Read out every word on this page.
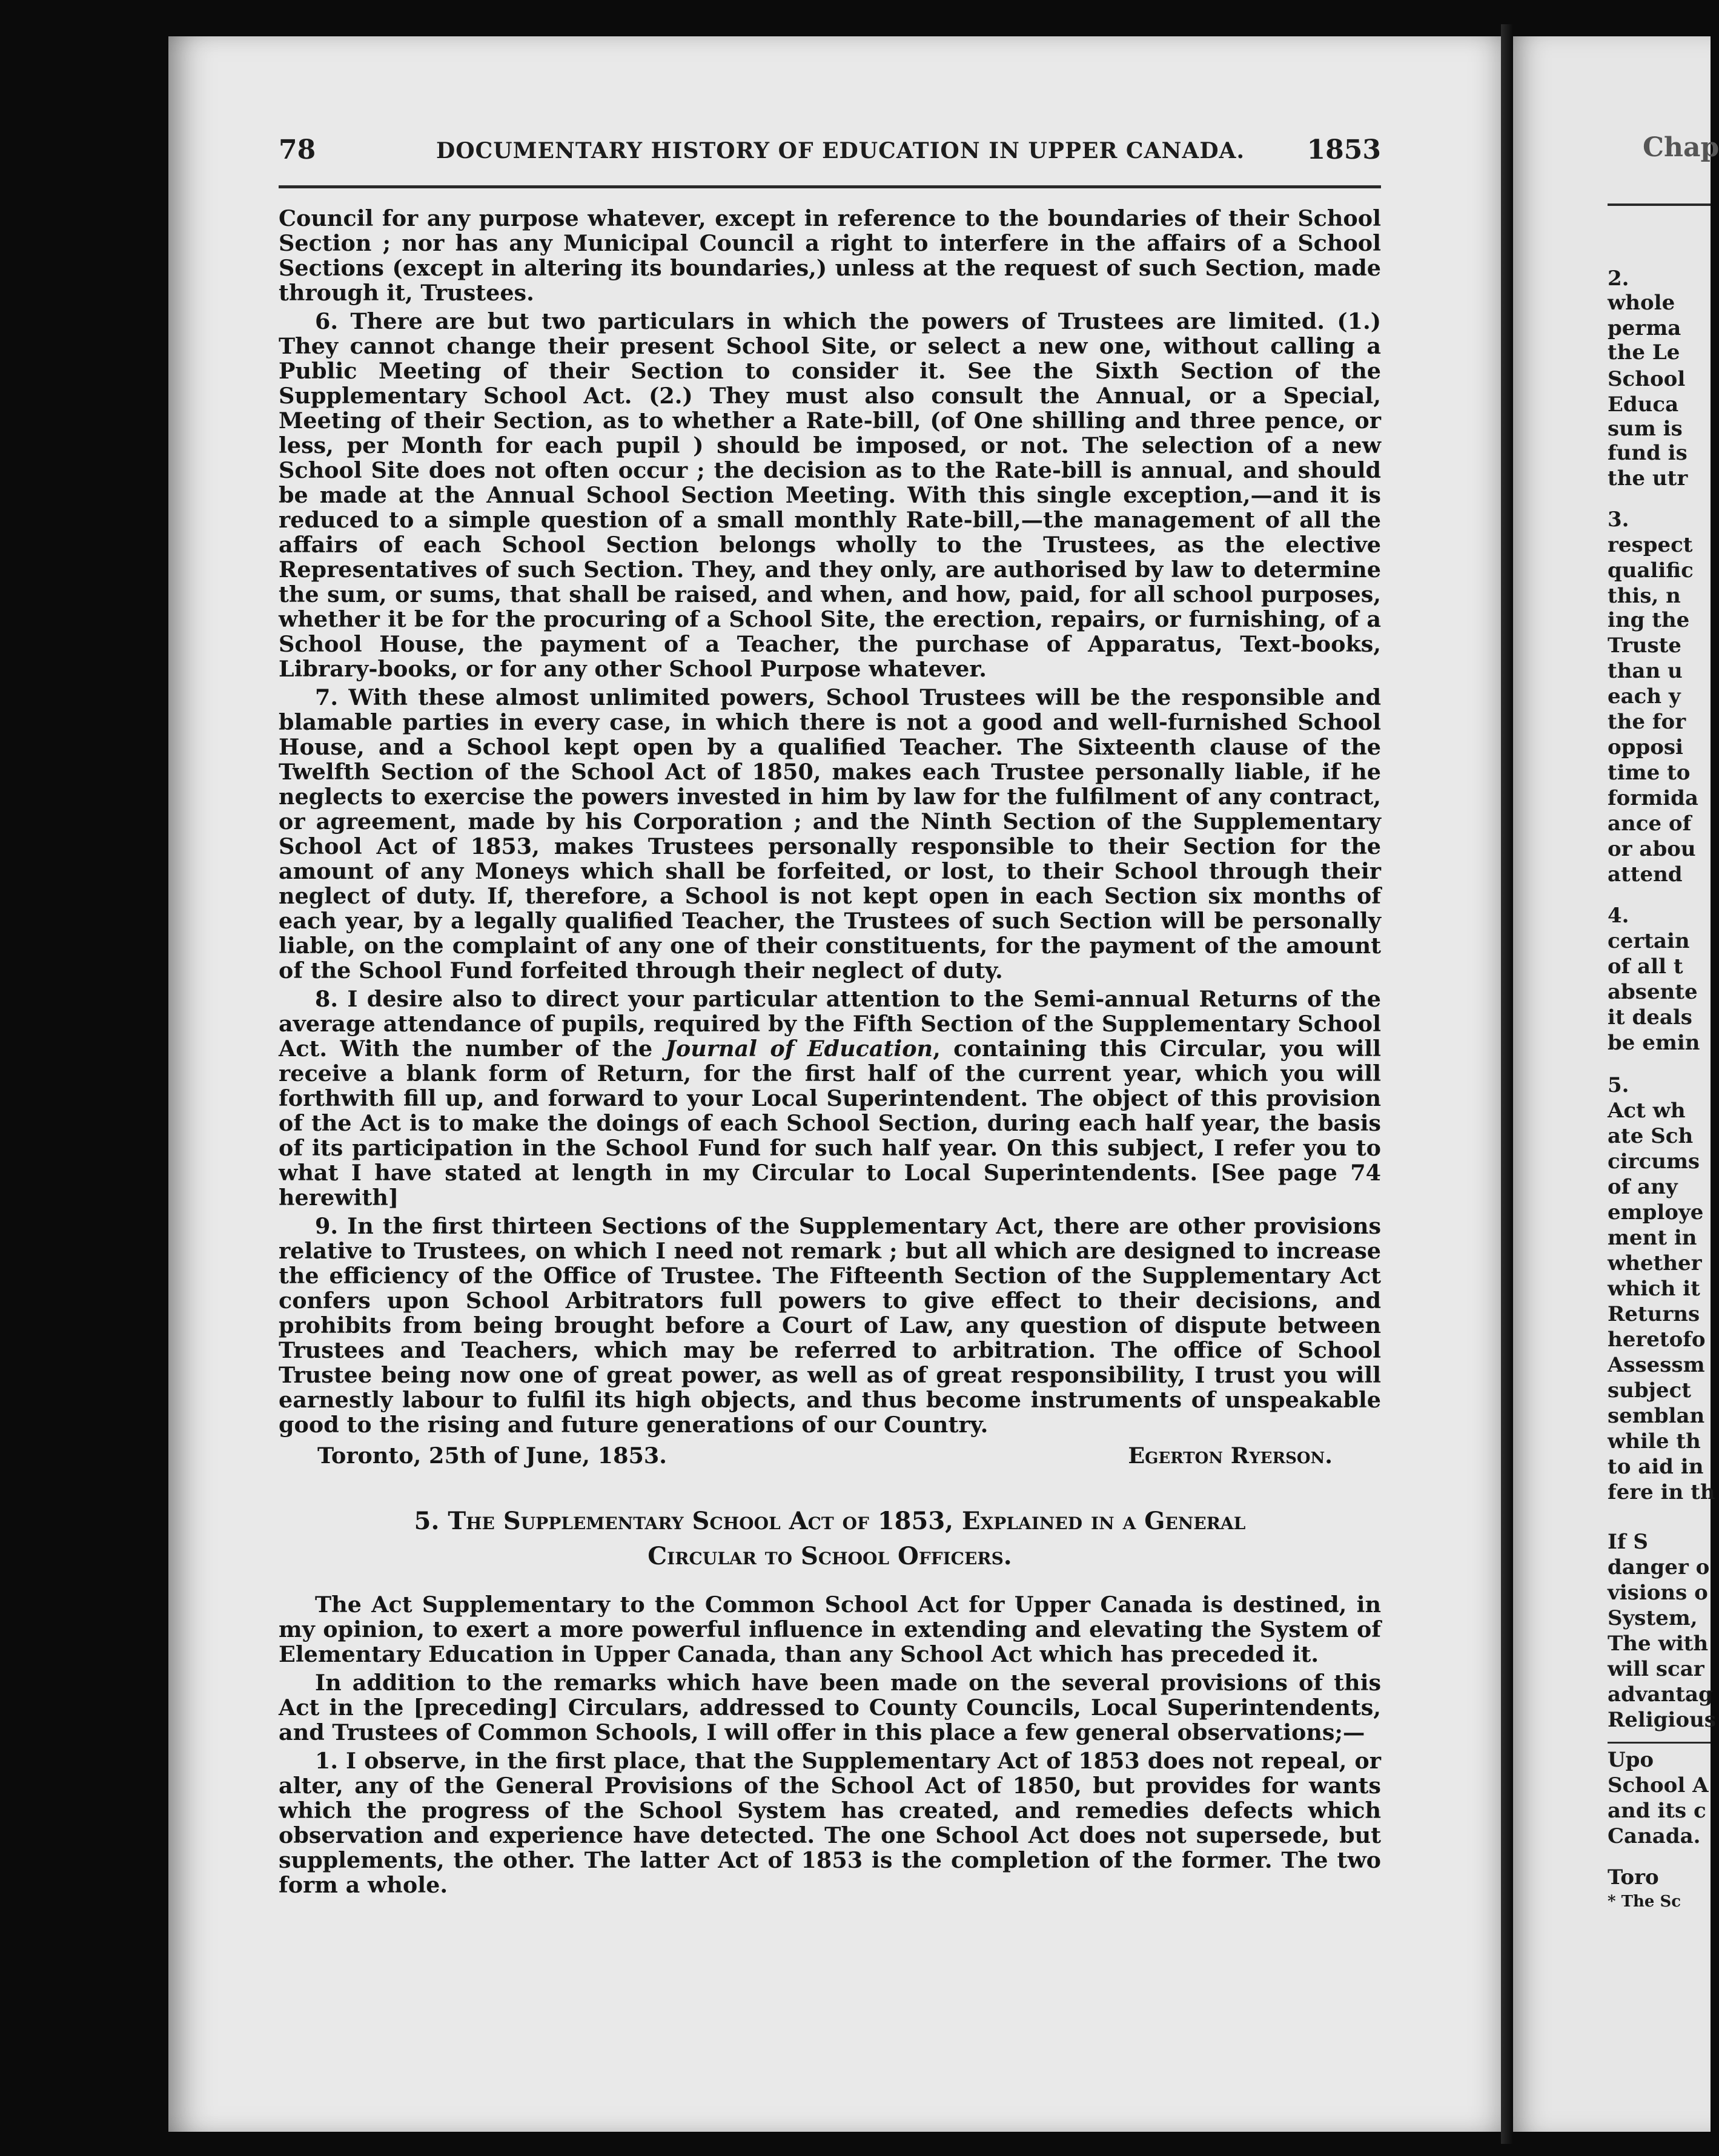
Chap
2.
whole
perma
the Le
School
Educa
sum is
fund is
the utr
3.
respect
qualific
this, n
ing the
Truste
than u
each y
the for
opposi
time to
formida
ance of
or abou
attend
4.
certain
of all t
absente
it deals
be emin
5.
Act wh
ate Sch
circums
of any
employe
ment in
whether
which it
Returns
heretofo
Assessm
subject
semblan
while th
to aid in
fere in th
If S
danger o
visions o
System,
The with
will scar
advantag
Religious
Upo
School A
and its c
Canada.
Toro
* The Sc
78	DOCUMENTARY HISTORY OF EDUCATION IN UPPER CANADA. 1853

Council for any purpose whatever, except in reference to the boundaries of their School Section ; nor has any Municipal Council a right to interfere in the affairs of a School Sections (except in altering its boundaries,) unless at the request of such Section, made through it, Trustees.

6. There are but two particulars in which the powers of Trustees are limited. (1.) They cannot change their present School Site, or select a new one, without calling a Public Meeting of their Section to consider it. See the Sixth Section of the Supplementary School Act. (2.) They must also consult the Annual, or a Special, Meeting of their Section, as to whether a Rate-bill, (of One shilling and three pence, or less, per Month for each pupil ) should be imposed, or not. The selection of a new School Site does not often occur ; the decision as to the Rate-bill is annual, and should be made at the Annual School Section Meeting. With this single exception,—and it is reduced to a simple question of a small monthly Rate-bill,—the management of all the affairs of each School Section belongs wholly to the Trustees, as the elective Representatives of such Section. They, and they only, are authorised by law to determine the sum, or sums, that shall be raised, and when, and how, paid, for all school purposes, whether it be for the procuring of a School Site, the erection, repairs, or furnishing, of a School House, the payment of a Teacher, the purchase of Apparatus, Text-books, Library-books, or for any other School Purpose whatever.

7. With these almost unlimited powers, School Trustees will be the responsible and blamable parties in every case, in which there is not a good and well-furnished School House, and a School kept open by a qualified Teacher. The Sixteenth clause of the Twelfth Section of the School Act of 1850, makes each Trustee personally liable, if he neglects to exercise the powers invested in him by law for the fulfilment of any contract, or agreement, made by his Corporation ; and the Ninth Section of the Supplementary School Act of 1853, makes Trustees personally responsible to their Section for the amount of any Moneys which shall be forfeited, or lost, to their School through their neglect of duty. If, therefore, a School is not kept open in each Section six months of each year, by a legally qualified Teacher, the Trustees of such Section will be personally liable, on the complaint of any one of their constituents, for the payment of the amount of the School Fund forfeited through their neglect of duty.

8. I desire also to direct your particular attention to the Semi-annual Returns of the average attendance of pupils, required by the Fifth Section of the Supplementary School Act. With the number of the Journal of Education, containing this Circular, you will receive a blank form of Return, for the first half of the current year, which you will forthwith fill up, and forward to your Local Superintendent. The object of this provision of the Act is to make the doings of each School Section, during each half year, the basis of its participation in the School Fund for such half year. On this subject, I refer you to what I have stated at length in my Circular to Local Superintendents. [See page 74 herewith]

9. In the first thirteen Sections of the Supplementary Act, there are other provisions relative to Trustees, on which I need not remark ; but all which are designed to increase the efficiency of the Office of Trustee. The Fifteenth Section of the Supplementary Act confers upon School Arbitrators full powers to give effect to their decisions, and prohibits from being brought before a Court of Law, any question of dispute between Trustees and Teachers, which may be referred to arbitration. The office of School Trustee being now one of great power, as well as of great responsibility, I trust you will earnestly labour to fulfil its high objects, and thus become instruments of unspeakable good to the rising and future generations of our Country.

Toronto, 25th of June, 1853.	Egerton Ryerson.
5. The Supplementary School Act of 1853, Explained in a General
Circular to School Officers.

The Act Supplementary to the Common School Act for Upper Canada is destined, in my opinion, to exert a more powerful influence in extending and elevating the System of Elementary Education in Upper Canada, than any School Act which has preceded it.

In addition to the remarks which have been made on the several provisions of this Act in the [preceding] Circulars, addressed to County Councils, Local Superintendents, and Trustees of Common Schools, I will offer in this place a few general observations;—

1. I observe, in the first place, that the Supplementary Act of 1853 does not repeal, or alter, any of the General Provisions of the School Act of 1850, but provides for wants which the progress of the School System has created, and remedies defects which observation and experience have detected. The one School Act does not supersede, but supplements, the other. The latter Act of 1853 is the completion of the former. The two form a whole.
